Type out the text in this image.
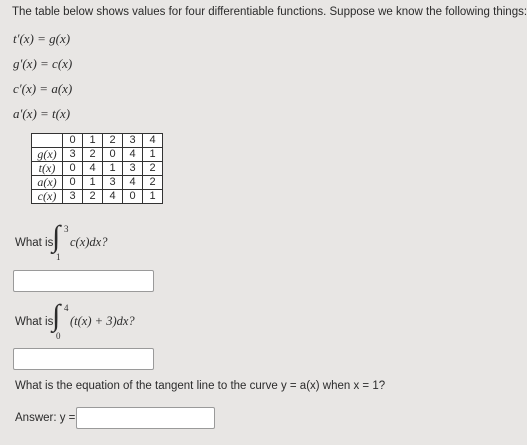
The table below shows values for four differentiable functions. Suppose we know the following things:
t′(x) = g(x)
g′(x) = c(x)
c′(x) = a(x)
a′(x) = t(x)
	0	1	2	3	4
g(x)	3	2	0	4	1
t(x)	0	4	1	3	2
a(x)	0	1	3	4	2
c(x)	3	2	4	0	1
What is
∫ 3
1
c(x)dx?
What is
∫ 4
0
(t(x) + 3)dx?
What is the equation of the tangent line to the curve y = a(x) when x = 1?
Answer: y =
